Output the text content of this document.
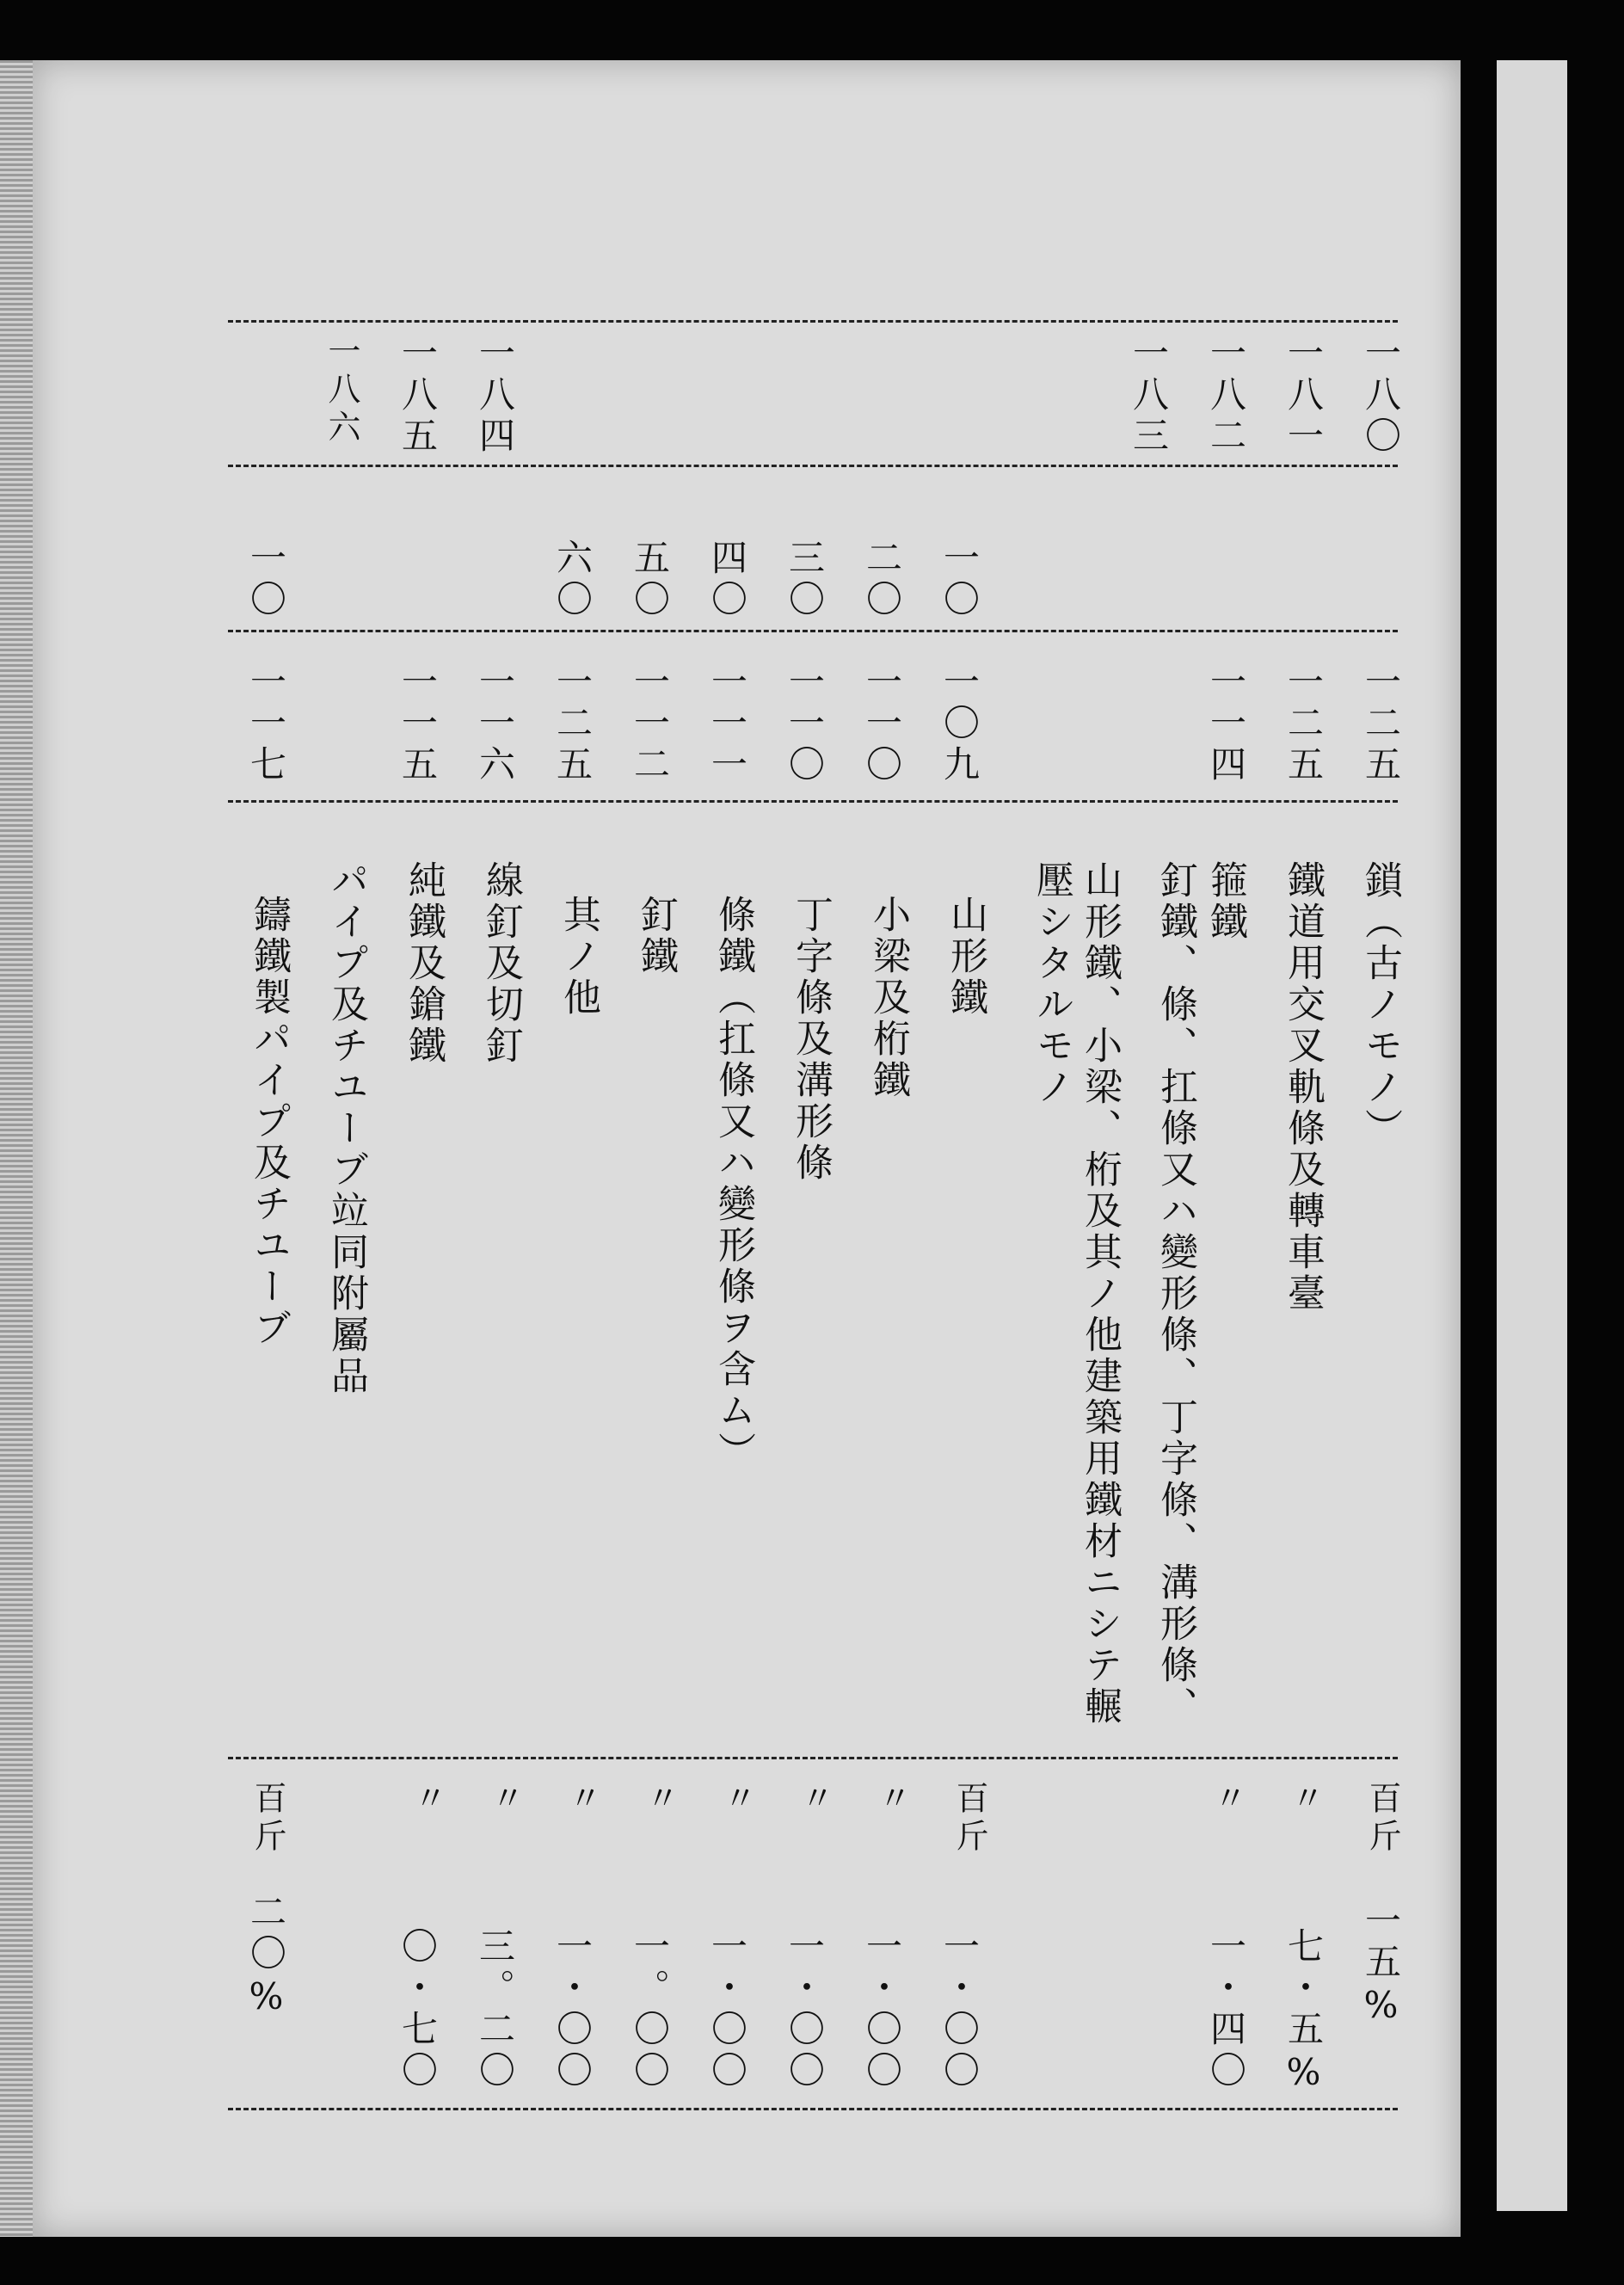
一八〇
一八一
一八二
一八三
一八四
一八五
一八六
一〇
二〇
三〇
四〇
五〇
六〇
一〇
一二五
一二五
一一四
一〇九
一一〇
一一〇
一一一
一一二
一二五
一一六
一一五
一一七
鎖（古ノモノ）
鐵道用交叉軌條及轉車臺
箍鐵
釘鐵、條、扛條又ハ變形條、丁字條、溝形條、
山形鐵、小梁、桁及其ノ他建築用鐵材ニシテ輾
壓シタルモノ
山形鐵
小梁及桁鐵
丁字條及溝形條
條鐵（扛條又ハ變形條ヲ含ム）
釘鐵
其ノ他
線釘及切釘
純鐵及鎗鐵
パイプ及チユーブ竝同附屬品
鑄鐵製パイプ及チユーブ
百斤
〃
〃
百斤
〃
〃
〃
〃
〃
〃
〃
百斤
一五%
七・五%
一・四〇
一・〇〇
一・〇〇
一・〇〇
一・〇〇
一。〇〇
一・〇〇
三。二〇
〇・七〇
二〇%
